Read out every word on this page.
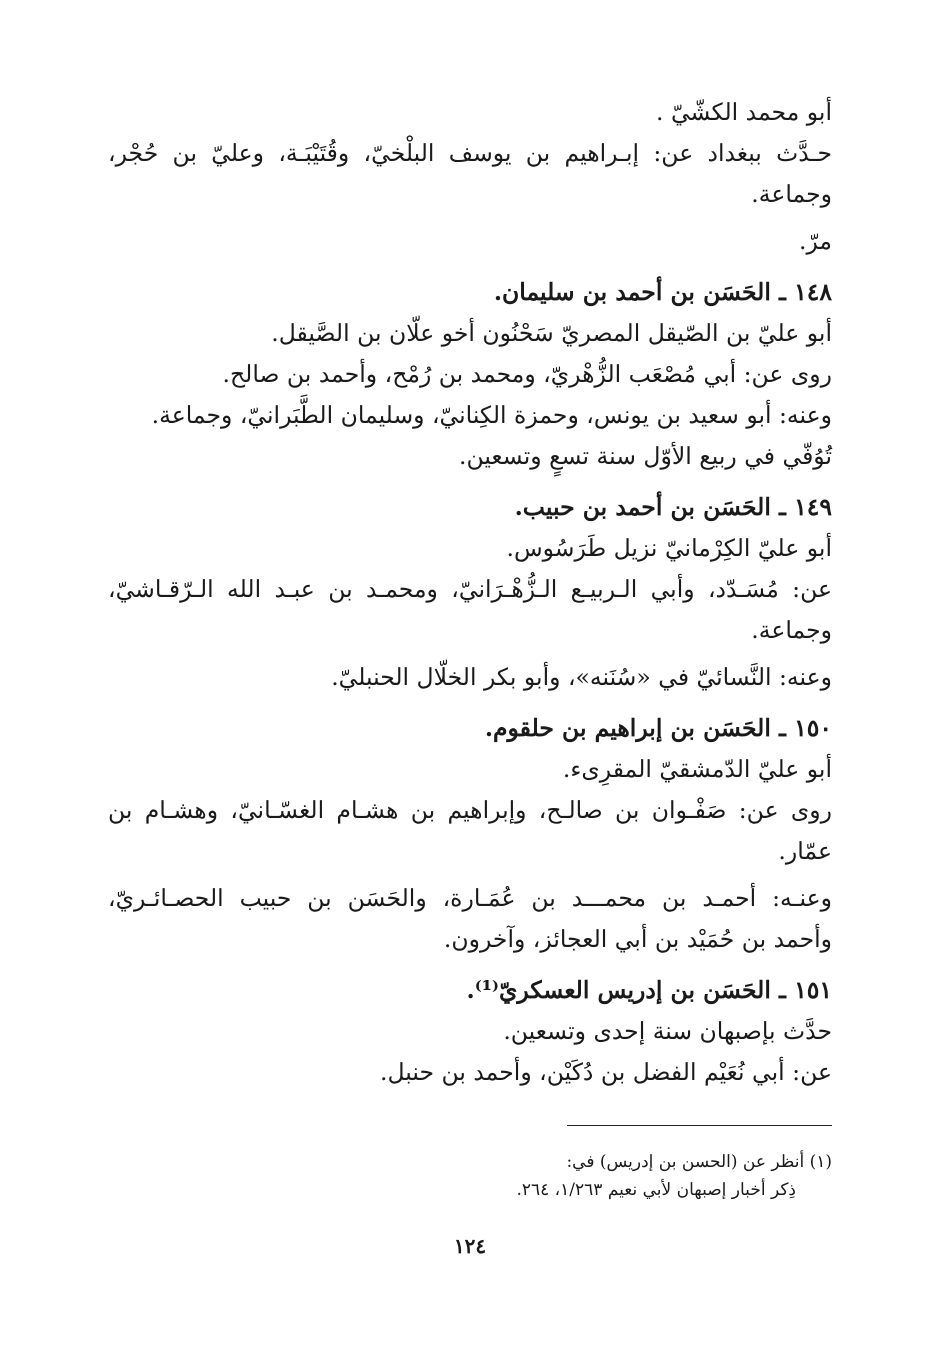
أبو محمد الكشّيّ .

حـدَّث ببغداد عن: إبـراهيم بن يوسف البلْخيّ، وقُتَيْبَـة، وعليّ بن حُجْر،

وجماعة.

مرّ.

١٤٨ ـ الحَسَن بن أحمد بن سليمان.

أبو عليّ بن الصّيقل المصريّ سَحْنُون أخو علّان بن الصَّيقل.

روى عن: أبي مُصْعَب الزُّهْريّ، ومحمد بن رُمْح، وأحمد بن صالح.

وعنه: أبو سعيد بن يونس، وحمزة الكِنانيّ، وسليمان الطَّبَرانيّ، وجماعة.

تُوُفّي في ربيع الأوّل سنة تسعٍ وتسعين.

١٤٩ ـ الحَسَن بن أحمد بن حبيب.

أبو عليّ الكِرْمانيّ نزيل طَرَسُوس.

عن: مُسَـدّد، وأبي الـربيـع الـزُّهْـرَانيّ، ومحمـد بن عبـد الله الـرّقـاشيّ،

وجماعة.

وعنه: النَّسائيّ في «سُنَنه»، وأبو بكر الخلّال الحنبليّ.

١٥٠ ـ الحَسَن بن إبراهيم بن حلقوم.

أبو عليّ الدّمشقيّ المقرِىء.

روى عن: صَفْـوان بن صالـح، وإبراهيم بن هشـام الغسّـانيّ، وهشـام بن

عمّار.

وعنـه: أحمـد بن محمـــد بن عُمَـارة، والحَسَن بن حبيب الحصـائـريّ،

وأحمد بن حُمَيْد بن أبي العجائز، وآخرون.

١٥١ ـ الحَسَن بن إدريس العسكريّ⁽¹⁾.

حدَّث بإصبهان سنة إحدى وتسعين.

عن: أبي نُعَيْم الفضل بن دُكَيْن، وأحمد بن حنبل.

(١) أنظر عن (الحسن بن إدريس) في:

ذِكر أخبار إصبهان لأبي نعيم ١/٢٦٣، ٢٦٤.

١٢٤
